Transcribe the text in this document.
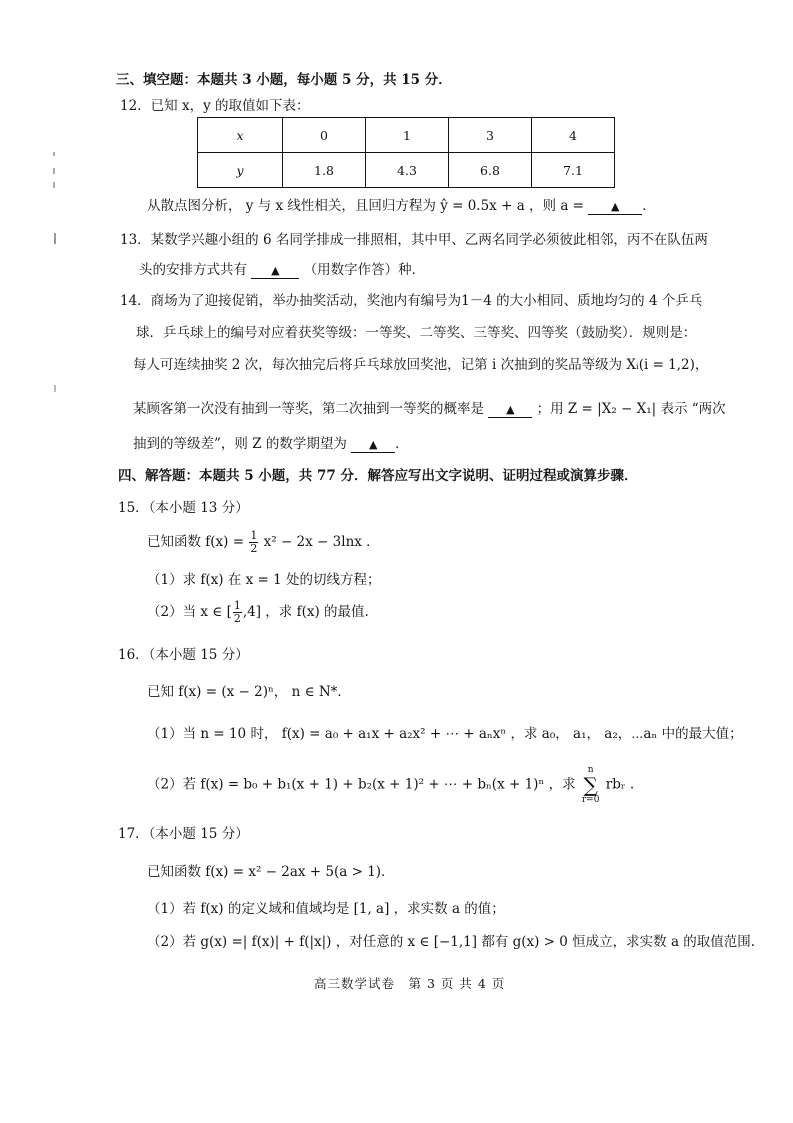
三、填空题：本题共 3 小题，每小题 5 分，共 15 分．
12．已知 x，y 的取值如下表：
x	0	1	3	4
y	1.8	4.3	6.8	7.1
从散点图分析， y 与 x 线性相关，且回归方程为 ŷ = 0.5x + a ，则 a = ▲ ．
13．某数学兴趣小组的 6 名同学排成一排照相，其中甲、乙两名同学必须彼此相邻，丙不在队伍两
头的安排方式共有 ▲ （用数字作答）种．
14．商场为了迎接促销，举办抽奖活动，奖池内有编号为1－4 的大小相同、质地均匀的 4 个乒乓
球．乒乓球上的编号对应着获奖等级：一等奖、二等奖、三等奖、四等奖（鼓励奖）．规则是：
每人可连续抽奖 2 次，每次抽完后将乒乓球放回奖池，记第 i 次抽到的奖品等级为 Xᵢ(i = 1,2)，
某顾客第一次没有抽到一等奖，第二次抽到一等奖的概率是 ▲ ；用 Z = |X₂ − X₁| 表示 “两次
抽到的等级差”，则 Z 的数学期望为 ▲ ．
四、解答题：本题共 5 小题，共 77 分．解答应写出文字说明、证明过程或演算步骤．
15．（本小题 13 分）
已知函数 $f(x) = \frac{1}{2} x^2 - 2x - 3\ln x$ ．
（1）求 f(x) 在 x = 1 处的切线方程；
（2）当 x ∈ [ $\frac{1}{2} ,4$] ，求 f(x) 的最值.
16．（本小题 15 分）
已知 f(x) = (x − 2)ⁿ， n ∈ N*．
（1）当 n = 10 时， f(x) = a₀ + a₁x + a₂x² + ⋯ + aₙxⁿ ，求 a₀， a₁， a₂，⋯aₙ 中的最大值；
（2）若 f(x) = b₀ + b₁(x + 1) + b₂(x + 1)² + ⋯ + bₙ(x + 1)ⁿ ，求
n
∑
r=0
rbᵣ .
17．（本小题 15 分）
已知函数 f(x) = x² − 2ax + 5(a > 1)．
（1）若 f(x) 的定义域和值域均是 [1, a] ，求实数 a 的值；
（2）若 g(x) =| f(x)| + f(|x|) ，对任意的 x ∈ [−1,1] 都有 g(x) > 0 恒成立，求实数 a 的取值范围.
高三数学试卷　第 3 页 共 4 页
